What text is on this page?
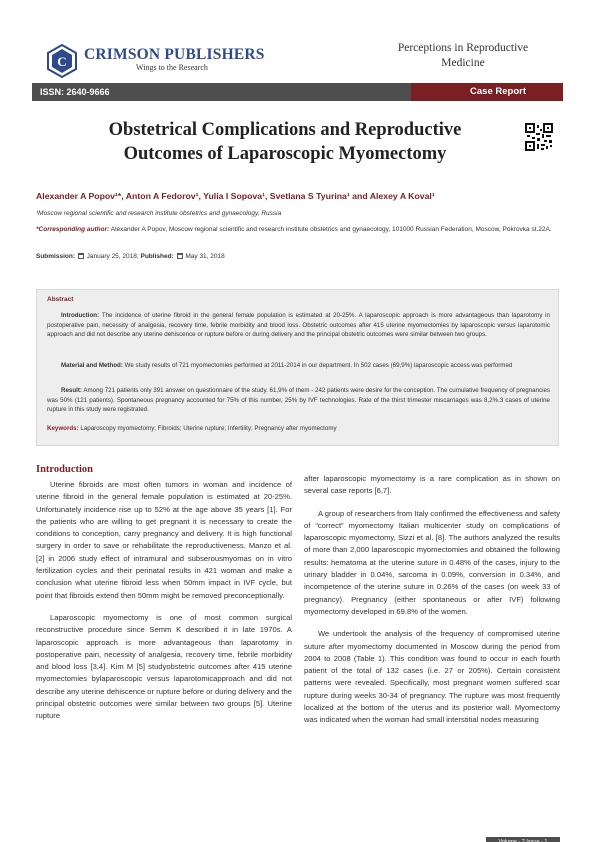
C CRIMSON PUBLISHERS
Wings to the Research
Perceptions in Reproductive Medicine
ISSN: 2640-9666	Case Report
Obstetrical Complications and Reproductive Outcomes of Laparoscopic Myomectomy
Alexander A Popov¹*, Anton A Fedorov¹, Yulia I Sopova¹, Svetlana S Tyurina¹ and Alexey A Koval¹
¹Moscow regional scientific and research institute obstetrics and gynaecology, Russia
*Corresponding author: Alexander A Popov, Moscow regional scientific and research institute obstetrics and gynaecology, 101000 Russian Federation, Moscow, Pokrovka st.22A.
Submission: January 25, 2018; Published: May 31, 2018
Abstract

Introduction: The incidence of uterine fibroid in the general female population is estimated at 20-25%. A laparoscopic approach is more advantageous than laparotomy in postoperative pain, necessity of analgesia, recovery time, febrile morbidity and blood loss. Obstetric outcomes after 415 uterine myomectomies by laparoscopic versus laparotomic approach and did not describe any uterine dehiscence or rupture before or during delivery and the principal obstetric outcomes were similar between two groups.

Material and Method: We study results of 721 myomectomies performed at 2011-2014 in our department. In 502 cases (69,9%) laparoscopic access was performed

Result: Among 721 patients only 391 answer on questionnaire of the study. 61,9% of them - 242 patients were desire for the conception. The cumulative frequency of pregnancies was 50% (121 patients). Spontaneous pregnancy accounted for 75% of this number, 25% by IVF technologies. Rate of the thirst trimester miscarriages was 8,2%.3 cases of uterine rupture in this study were registrated.

Keywords: Laparoscopy myomectomy; Fibroids; Uterine rupture; Infertility; Pregnancy after myomectomy
Introduction

Uterine fibroids are most often tumors in woman and incidence of uterine fibroid in the general female population is estimated at 20-25%. Unfortunately incidence rise up to 52% at the age above 35 years [1]. For the patients who are willing to get pregnant it is necessary to create the conditions to conception, carry pregnancy and delivery. It is high functional surgery in order to save or rehabilitate the reproductiveness. Manzo et al. [2] in 2006 study effect of intramural and subserousmyomas on in vitro fertilization cycles and their perinatal results in 421 woman and make a conclusion what uterine fibroid less when 50mm impact in IVF cycle, but point that fibroids extend then 50mm might be removed preconceptionally.

Laparoscopic myomectomy is one of most common surgical reconstructive procedure since Semm K described it in late 1970s. A laparoscopic approach is more advantageous than laparotomy in postoperative pain, necessity of analgesia, recovery time, febrile morbidity and blood loss [3,4]. Kim M [5] studyobstetric outcomes after 415 uterine myomectomies bylaparoscopic versus laparotomicapproach and did not describe any uterine dehiscence or rupture before or during delivery and the principal obstetric outcomes were similar between two groups [5]. Uterine rupture

after laparoscopic myomectomy is a rare complication as in shown on several case reports [6,7].

A group of researchers from Italy confirmed the effectiveness and safety of “correct” myomectomy Italian multicenter study on complications of laparoscopic myomectomy, Sizzi et al. [8]. The authors analyzed the results of more than 2,000 laparoscopic myomectomies and obtained the following results: hematoma at the uterine suture in 0.48% of the cases, injury to the urinary bladder in 0.04%, sarcoma in 0.09%, conversion in 0.34%, and incompetence of the uterine suture in 0.26% of the cases (on week 33 of pregnancy). Pregnancy (either spontaneous or after IVF) following myomectomy developed in 69.8% of the women.

We undertook the analysis of the frequency of compromised uterine suture after myomectomy documented in Moscow during the period from 2004 to 2008 (Table 1). This condition was found to occur in each fourth patient of the total of 132 cases (i.e. 27 or 205%). Certain consistent patterns were revealed. Specifically, most pregnant women suffered scar rupture during weeks 30-34 of pregnancy. The rupture was most frequently localized at the bottom of the uterus and its posterior wall. Myomectomy was indicated when the woman had small interstitial nodes measuring

Volume - 2 Issue - 1
